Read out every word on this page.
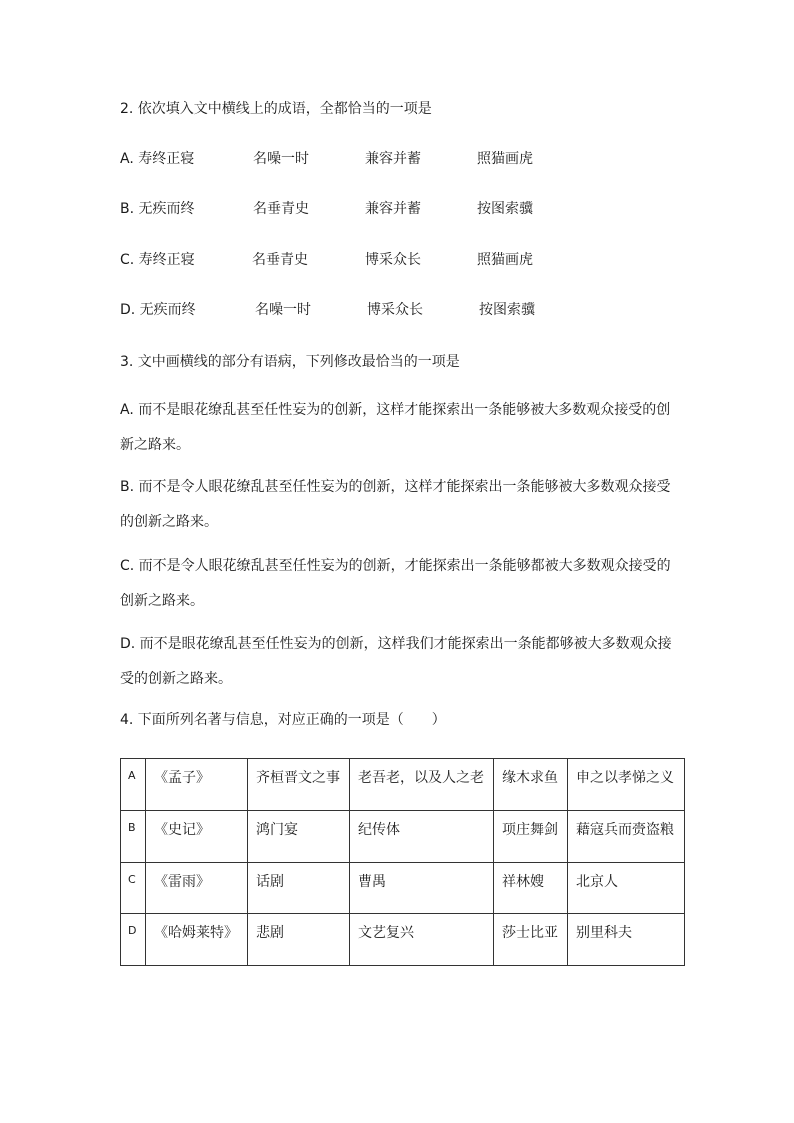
2. 依次填入文中横线上的成语，全都恰当的一项是
A. 寿终正寝	名噪一时	兼容并蓄	照猫画虎
B. 无疾而终	名垂青史	兼容并蓄	按图索骥
C. 寿终正寝	名垂青史	博采众长	照猫画虎
D. 无疾而终	名噪一时	博采众长	按图索骥
3. 文中画横线的部分有语病，下列修改最恰当的一项是
A. 而不是眼花缭乱甚至任性妄为的创新，这样才能探索出一条能够被大多数观众接受的创新之路来。
B. 而不是令人眼花缭乱甚至任性妄为的创新，这样才能探索出一条能够被大多数观众接受的创新之路来。
C. 而不是令人眼花缭乱甚至任性妄为的创新，才能探索出一条能够都被大多数观众接受的创新之路来。
D. 而不是眼花缭乱甚至任性妄为的创新，这样我们才能探索出一条能都够被大多数观众接受的创新之路来。
4. 下面所列名著与信息，对应正确的一项是（　　）
A	《孟子》	齐桓晋文之事	老吾老，以及人之老	缘木求鱼	申之以孝悌之义
B	《史记》	鸿门宴	纪传体	项庄舞剑	藉寇兵而赍盗粮
C	《雷雨》	话剧	曹禺	祥林嫂	北京人
D	《哈姆莱特》	悲剧	文艺复兴	莎士比亚	别里科夫
